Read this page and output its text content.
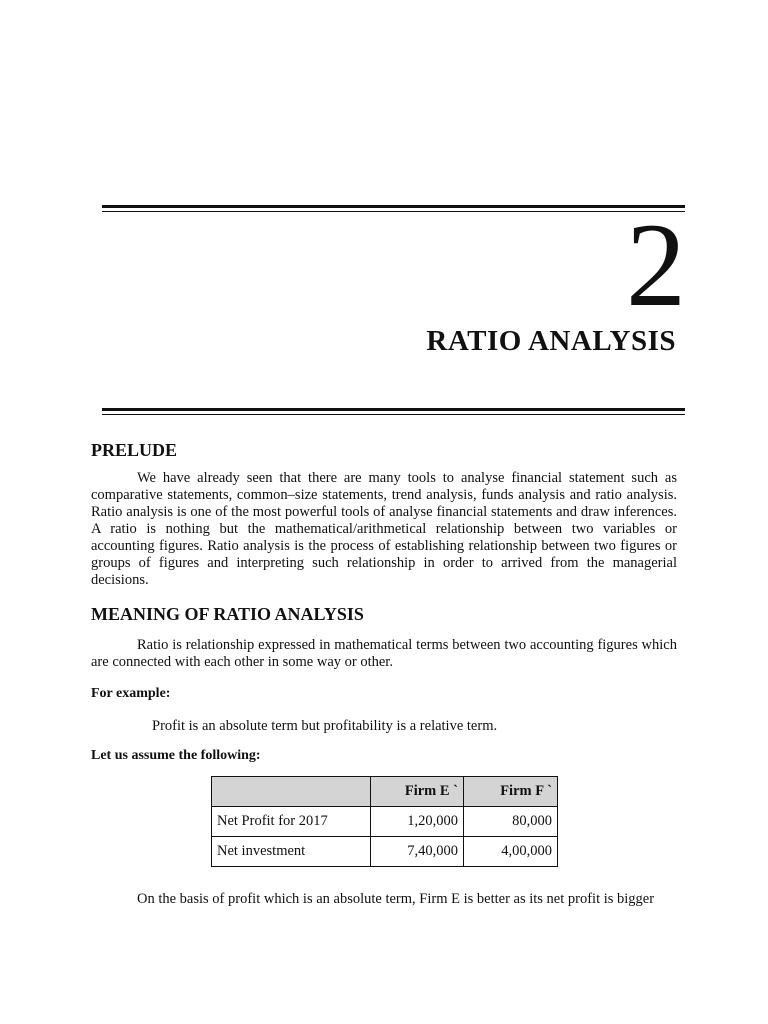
2
RATIO ANALYSIS
PRELUDE

We have already seen that there are many tools to analyse financial statement such as comparative statements, common–size statements, trend analysis, funds analysis and ratio analysis. Ratio analysis is one of the most powerful tools of analyse financial statements and draw inferences. A ratio is nothing but the mathematical/arithmetical relationship between two variables or accounting figures. Ratio analysis is the process of establishing relationship between two figures or groups of figures and interpreting such relationship in order to arrived from the managerial decisions.

MEANING OF RATIO ANALYSIS

Ratio is relationship expressed in mathematical terms between two accounting figures which are connected with each other in some way or other.

For example:

Profit is an absolute term but profitability is a relative term.

Let us assume the following:

	Firm E `	Firm F `
Net Profit for 2017	1,20,000	80,000
Net investment	7,40,000	4,00,000

On the basis of profit which is an absolute term, Firm E is better as its net profit is bigger
